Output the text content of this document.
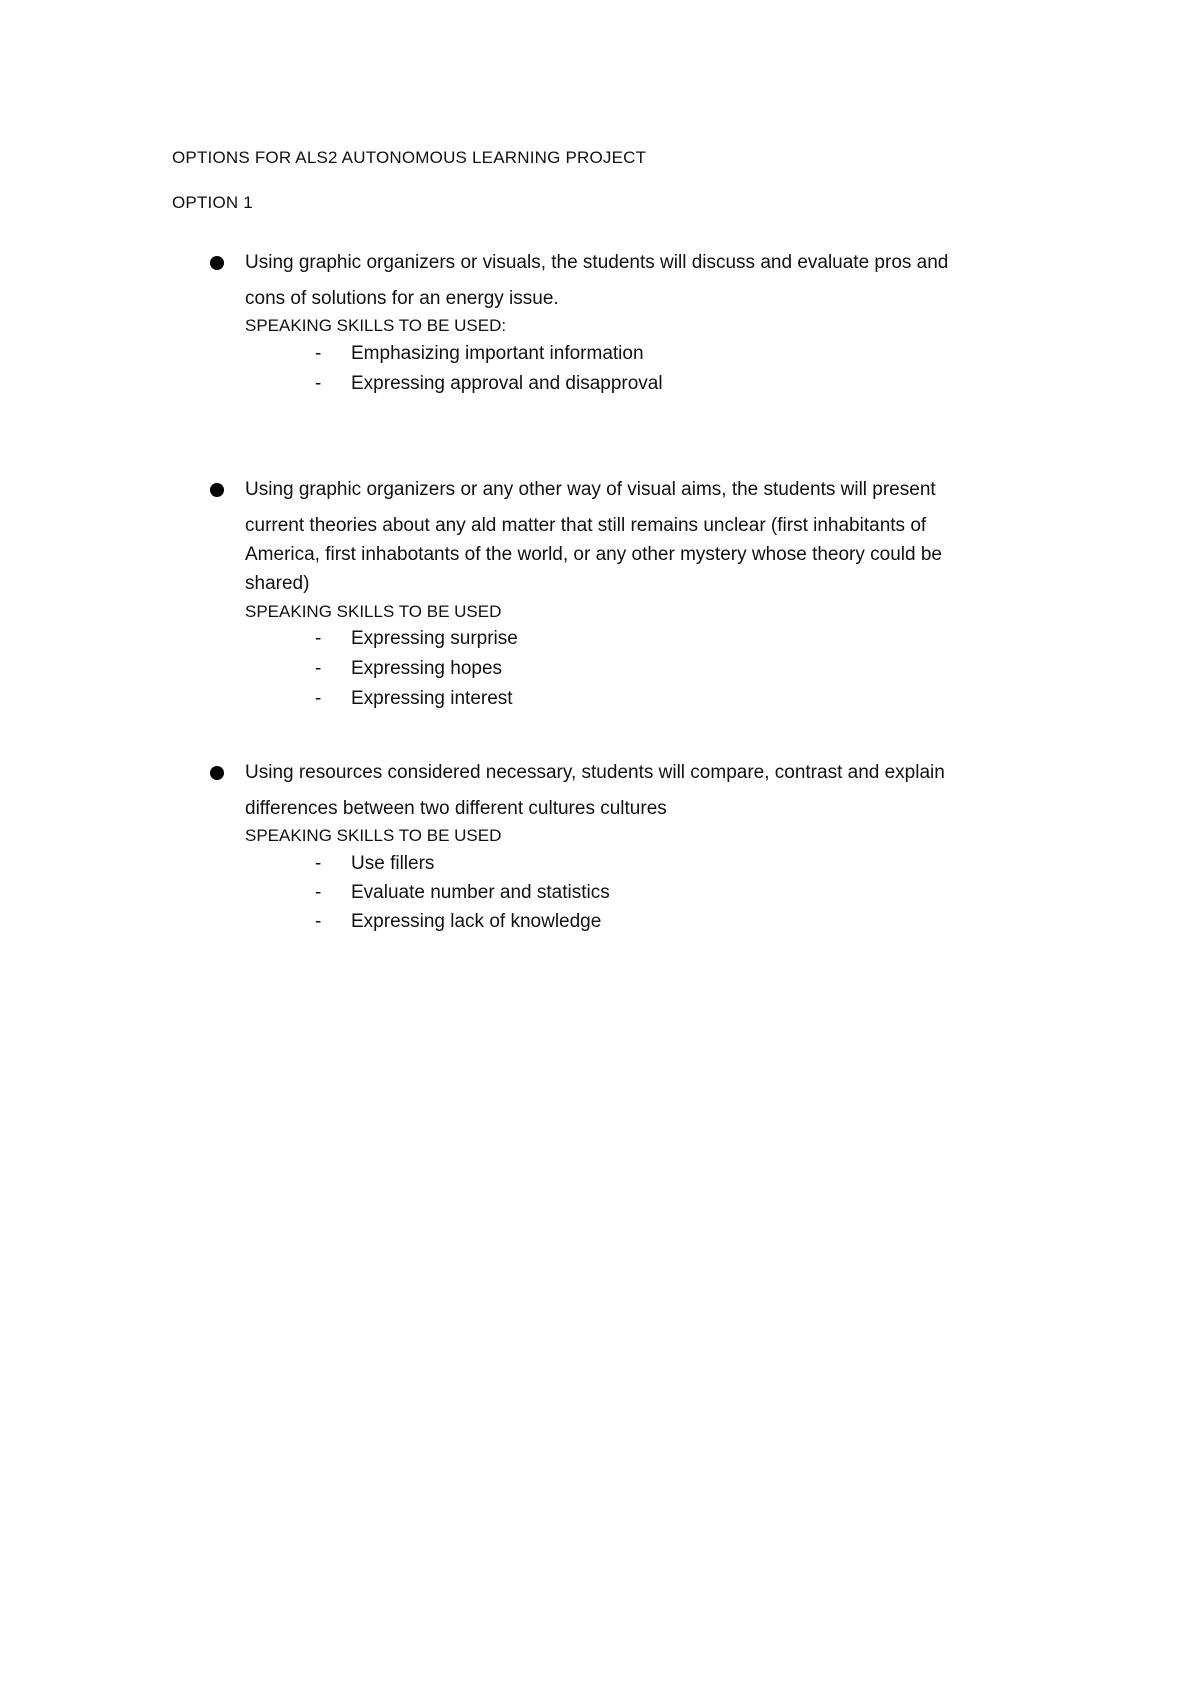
OPTIONS FOR ALS2 AUTONOMOUS LEARNING PROJECT
OPTION 1
Using graphic organizers or visuals, the students will discuss and evaluate pros and
cons of solutions for an energy issue.
SPEAKING SKILLS TO BE USED:
- Emphasizing important information
- Expressing approval and disapproval
Using graphic organizers or any other way of visual aims, the students will present
current theories about any ald matter that still remains unclear (first inhabitants of
America, first inhabotants of the world, or any other mystery whose theory could be
shared)
SPEAKING SKILLS TO BE USED
- Expressing surprise
- Expressing hopes
- Expressing interest
Using resources considered necessary, students will compare, contrast and explain
differences between two different cultures cultures
SPEAKING SKILLS TO BE USED
- Use fillers
- Evaluate number and statistics
- Expressing lack of knowledge
